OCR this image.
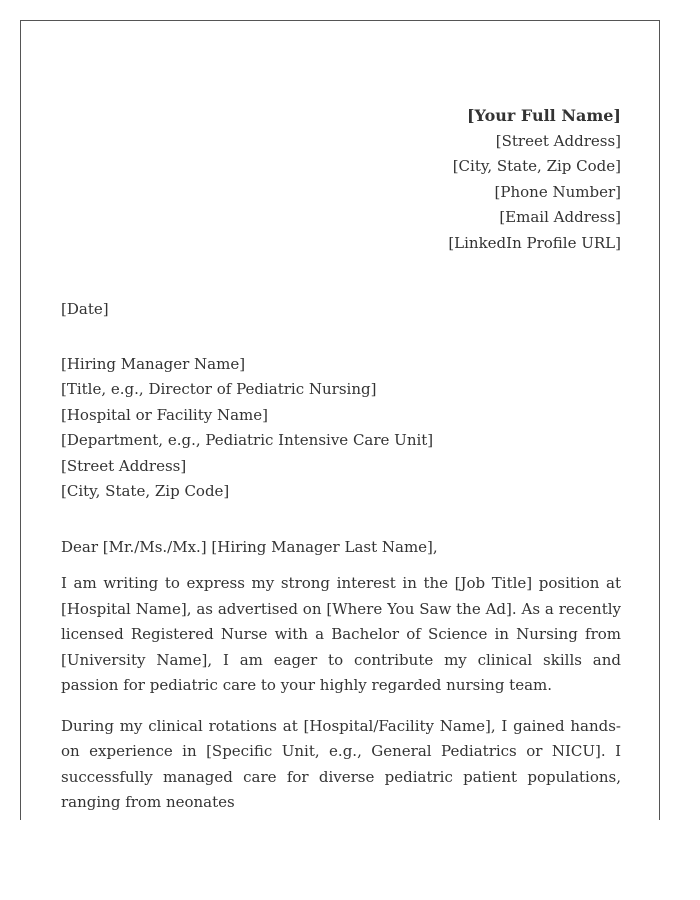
[Your Full Name]
[Street Address]
[City, State, Zip Code]
[Phone Number]
[Email Address]
[LinkedIn Profile URL]
[Date]
[Hiring Manager Name]
[Title, e.g., Director of Pediatric Nursing]
[Hospital or Facility Name]
[Department, e.g., Pediatric Intensive Care Unit]
[Street Address]
[City, State, Zip Code]
Dear [Mr./Ms./Mx.] [Hiring Manager Last Name],

I am writing to express my strong interest in the [Job Title] position at [Hospital Name], as advertised on [Where You Saw the Ad]. As a recently licensed Registered Nurse with a Bachelor of Science in Nursing from [University Name], I am eager to contribute my clinical skills and passion for pediatric care to your highly regarded nursing team.

During my clinical rotations at [Hospital/Facility Name], I gained hands-on experience in [Specific Unit, e.g., General Pediatrics or NICU]. I successfully managed care for diverse pediatric patient populations, ranging from neonates
